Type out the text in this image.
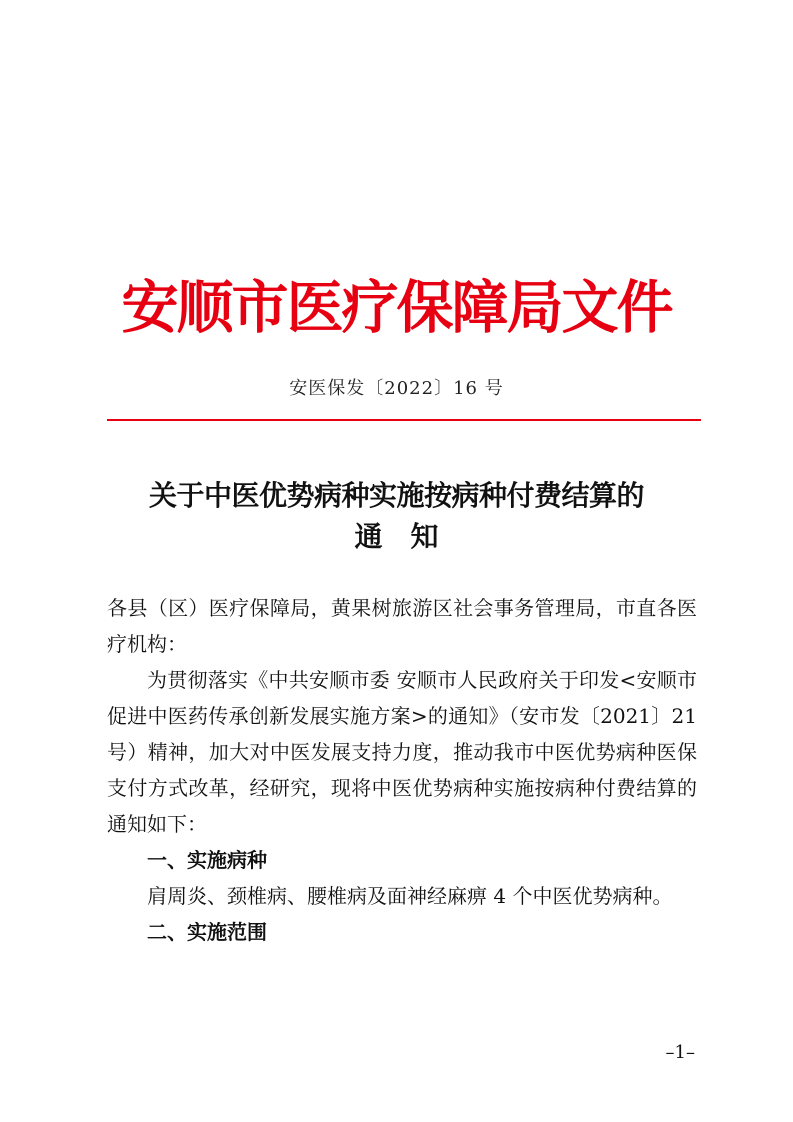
安顺市医疗保障局文件
安医保发〔2022〕16 号
关于中医优势病种实施按病种付费结算的
通　知

各县（区）医疗保障局，黄果树旅游区社会事务管理局，市直各医疗机构：

为贯彻落实《中共安顺市委 安顺市人民政府关于印发<安顺市促进中医药传承创新发展实施方案>的通知》（安市发〔2021〕21 号）精神，加大对中医发展支持力度，推动我市中医优势病种医保支付方式改革，经研究，现将中医优势病种实施按病种付费结算的通知如下：

一、实施病种

肩周炎、颈椎病、腰椎病及面神经麻痹 4 个中医优势病种。

二、实施范围

–1–
